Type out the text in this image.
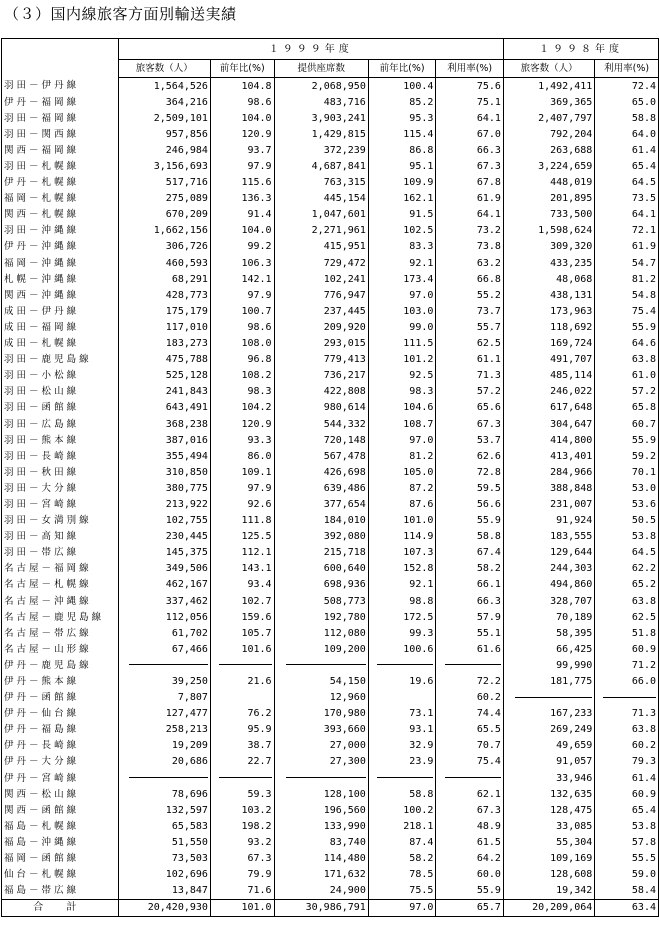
（３）国内線旅客方面別輸送実績
	１９９９年度					１９９８年度	
	旅客数（人）	前年比(%)	提供座席数	前年比(%)	利用率(%)	旅客数（人）	利用率(%)
羽 田 － 伊 丹 線	1,564,526	104.8	2,068,950	100.4	75.6	1,492,411	72.4
伊 丹 － 福 岡 線	364,216	98.6	483,716	85.2	75.1	369,365	65.0
羽 田 － 福 岡 線	2,509,101	104.0	3,903,241	95.3	64.1	2,407,797	58.8
羽 田 － 関 西 線	957,856	120.9	1,429,815	115.4	67.0	792,204	64.0
関 西 － 福 岡 線	246,984	93.7	372,239	86.8	66.3	263,688	61.4
羽 田 － 札 幌 線	3,156,693	97.9	4,687,841	95.1	67.3	3,224,659	65.4
伊 丹 － 札 幌 線	517,716	115.6	763,315	109.9	67.8	448,019	64.5
福 岡 － 札 幌 線	275,089	136.3	445,154	162.1	61.9	201,895	73.5
関 西 － 札 幌 線	670,209	91.4	1,047,601	91.5	64.1	733,500	64.1
羽 田 － 沖 縄 線	1,662,156	104.0	2,271,961	102.5	73.2	1,598,624	72.1
伊 丹 － 沖 縄 線	306,726	99.2	415,951	83.3	73.8	309,320	61.9
福 岡 － 沖 縄 線	460,593	106.3	729,472	92.1	63.2	433,235	54.7
札 幌 － 沖 縄 線	68,291	142.1	102,241	173.4	66.8	48,068	81.2
関 西 － 沖 縄 線	428,773	97.9	776,947	97.0	55.2	438,131	54.8
成 田 － 伊 丹 線	175,179	100.7	237,445	103.0	73.7	173,963	75.4
成 田 － 福 岡 線	117,010	98.6	209,920	99.0	55.7	118,692	55.9
成 田 － 札 幌 線	183,273	108.0	293,015	111.5	62.5	169,724	64.6
羽 田 － 鹿 児 島 線	475,788	96.8	779,413	101.2	61.1	491,707	63.8
羽 田 － 小 松 線	525,128	108.2	736,217	92.5	71.3	485,114	61.0
羽 田 － 松 山 線	241,843	98.3	422,808	98.3	57.2	246,022	57.2
羽 田 － 函 館 線	643,491	104.2	980,614	104.6	65.6	617,648	65.8
羽 田 － 広 島 線	368,238	120.9	544,332	108.7	67.3	304,647	60.7
羽 田 － 熊 本 線	387,016	93.3	720,148	97.0	53.7	414,800	55.9
羽 田 － 長 崎 線	355,494	86.0	567,478	81.2	62.6	413,401	59.2
羽 田 － 秋 田 線	310,850	109.1	426,698	105.0	72.8	284,966	70.1
羽 田 － 大 分 線	380,775	97.9	639,486	87.2	59.5	388,848	53.0
羽 田 － 宮 崎 線	213,922	92.6	377,654	87.6	56.6	231,007	53.6
羽 田 － 女 満 別 線	102,755	111.8	184,010	101.0	55.9	91,924	50.5
羽 田 － 高 知 線	230,445	125.5	392,080	114.9	58.8	183,555	53.8
羽 田 － 帯 広 線	145,375	112.1	215,718	107.3	67.4	129,644	64.5
名 古 屋 － 福 岡 線	349,506	143.1	600,640	152.8	58.2	244,303	62.2
名 古 屋 － 札 幌 線	462,167	93.4	698,936	92.1	66.1	494,860	65.2
名 古 屋 － 沖 縄 線	337,462	102.7	508,773	98.8	66.3	328,707	63.8
名 古 屋 － 鹿 児 島 線	112,056	159.6	192,780	172.5	57.9	70,189	62.5
名 古 屋 － 帯 広 線	61,702	105.7	112,080	99.3	55.1	58,395	51.8
名 古 屋 － 山 形 線	67,466	101.6	109,200	100.6	61.6	66,425	60.9
伊 丹 － 鹿 児 島 線						99,990	71.2
伊 丹 － 熊 本 線	39,250	21.6	54,150	19.6	72.2	181,775	66.0
伊 丹 － 函 館 線	7,807		12,960		60.2		
伊 丹 － 仙 台 線	127,477	76.2	170,980	73.1	74.4	167,233	71.3
伊 丹 － 福 島 線	258,213	95.9	393,660	93.1	65.5	269,249	63.8
伊 丹 － 長 崎 線	19,209	38.7	27,000	32.9	70.7	49,659	60.2
伊 丹 － 大 分 線	20,686	22.7	27,300	23.9	75.4	91,057	79.3
伊 丹 － 宮 崎 線						33,946	61.4
関 西 － 松 山 線	78,696	59.3	128,100	58.8	62.1	132,635	60.9
関 西 － 函 館 線	132,597	103.2	196,560	100.2	67.3	128,475	65.4
福 島 － 札 幌 線	65,583	198.2	133,990	218.1	48.9	33,085	53.8
福 島 － 沖 縄 線	51,550	93.2	83,740	87.4	61.5	55,304	57.8
福 岡 － 函 館 線	73,503	67.3	114,480	58.2	64.2	109,169	55.5
仙 台 － 札 幌 線	102,696	79.9	171,632	78.5	60.0	128,608	59.0
福 島 － 帯 広 線	13,847	71.6	24,900	75.5	55.9	19,342	58.4
合 計	20,420,930	101.0	30,986,791	97.0	65.7	20,209,064	63.4
